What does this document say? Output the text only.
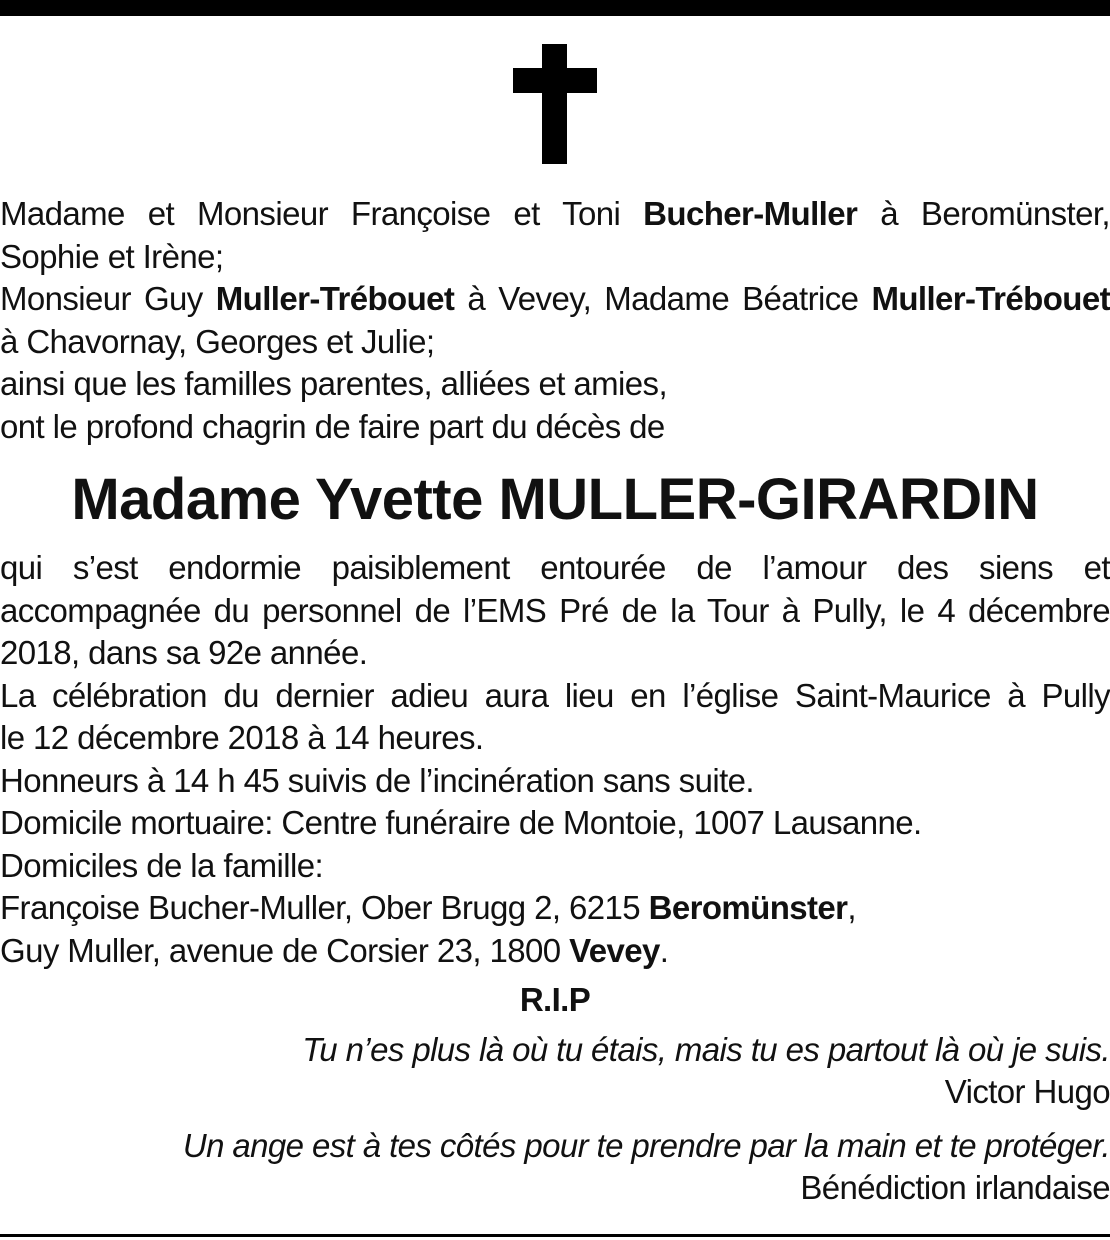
Madame et Monsieur Françoise et Toni Bucher-Muller à Beromünster,
Sophie et Irène;
Monsieur Guy Muller-Trébouet à Vevey, Madame Béatrice Muller-Trébouet
à Chavornay, Georges et Julie;
ainsi que les familles parentes, alliées et amies,
ont le profond chagrin de faire part du décès de
Madame Yvette MULLER-GIRARDIN
qui s’est endormie paisiblement entourée de l’amour des siens et
accompagnée du personnel de l’EMS Pré de la Tour à Pully, le 4 décembre
2018, dans sa 92e année.
La célébration du dernier adieu aura lieu en l’église Saint-Maurice à Pully
le 12 décembre 2018 à 14 heures.
Honneurs à 14 h 45 suivis de l’incinération sans suite.
Domicile mortuaire: Centre funéraire de Montoie, 1007 Lausanne.
Domiciles de la famille:
Françoise Bucher-Muller, Ober Brugg 2, 6215 Beromünster,
Guy Muller, avenue de Corsier 23, 1800 Vevey.
R.I.P
Tu n’es plus là où tu étais, mais tu es partout là où je suis.
Victor Hugo
Un ange est à tes côtés pour te prendre par la main et te protéger.
Bénédiction irlandaise
